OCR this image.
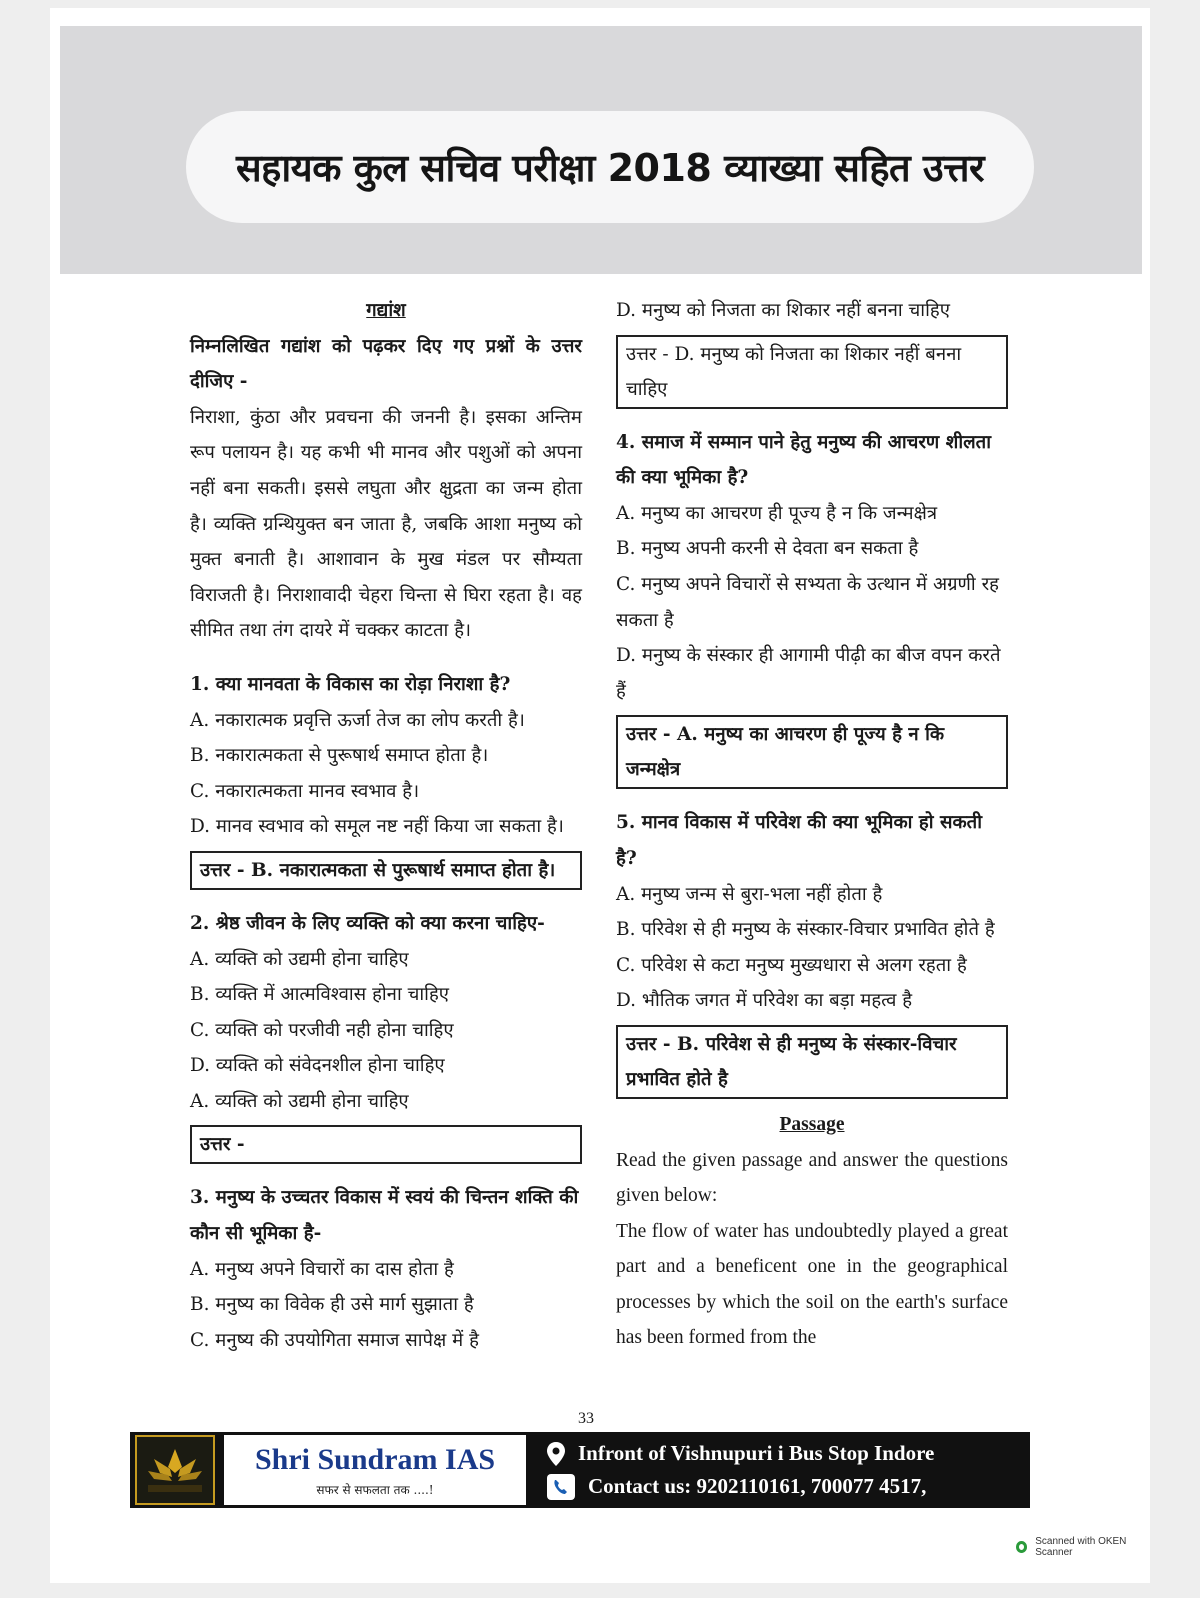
सहायक कुल सचिव परीक्षा 2018 व्याख्या सहित उत्तर

गद्यांश

निम्नलिखित गद्यांश को पढ़कर दिए गए प्रश्नों के उत्तर दीजिए -

निराशा, कुंठा और प्रवचना की जननी है। इसका अन्तिम रूप पलायन है। यह कभी भी मानव और पशुओं को अपना नहीं बना सकती। इससे लघुता और क्षुद्रता का जन्म होता है। व्यक्ति ग्रन्थियुक्त बन जाता है, जबकि आशा मनुष्य को मुक्त बनाती है। आशावान के मुख मंडल पर सौम्यता विराजती है। निराशावादी चेहरा चिन्ता से घिरा रहता है। वह सीमित तथा तंग दायरे में चक्कर काटता है।

1. क्या मानवता के विकास का रोड़ा निराशा है?

A. नकारात्मक प्रवृत्ति ऊर्जा तेज का लोप करती है।

B. नकारात्मकता से पुरूषार्थ समाप्त होता है।

C. नकारात्मकता मानव स्वभाव है।

D. मानव स्वभाव को समूल नष्ट नहीं किया जा सकता है।

उत्तर - B. नकारात्मकता से पुरूषार्थ समाप्त होता है।

2. श्रेष्ठ जीवन के लिए व्यक्ति को क्या करना चाहिए-

A. व्यक्ति को उद्यमी होना चाहिए

B. व्यक्ति में आत्मविश्वास होना चाहिए

C. व्यक्ति को परजीवी नही होना चाहिए

D. व्यक्ति को संवेदनशील होना चाहिए

A. व्यक्ति को उद्यमी होना चाहिए

उत्तर -

3. मनुष्य के उच्चतर विकास में स्वयं की चिन्तन शक्ति की कौन सी भूमिका है-

A. मनुष्य अपने विचारों का दास होता है

B. मनुष्य का विवेक ही उसे मार्ग सुझाता है

C. मनुष्य की उपयोगिता समाज सापेक्ष में है

D. मनुष्य को निजता का शिकार नहीं बनना चाहिए

उत्तर - D. मनुष्य को निजता का शिकार नहीं बनना चाहिए

4. समाज में सम्मान पाने हेतु मनुष्य की आचरण शीलता की क्या भूमिका है?

A. मनुष्य का आचरण ही पूज्य है न कि जन्मक्षेत्र

B. मनुष्य अपनी करनी से देवता बन सकता है

C. मनुष्य अपने विचारों से सभ्यता के उत्थान में अग्रणी रह सकता है

D. मनुष्य के संस्कार ही आगामी पीढ़ी का बीज वपन करते हैं

उत्तर - A. मनुष्य का आचरण ही पूज्य है न कि जन्मक्षेत्र

5. मानव विकास में परिवेश की क्या भूमिका हो सकती है?

A. मनुष्य जन्म से बुरा-भला नहीं होता है

B. परिवेश से ही मनुष्य के संस्कार-विचार प्रभावित होते है

C. परिवेश से कटा मनुष्य मुख्यधारा से अलग रहता है

D. भौतिक जगत में परिवेश का बड़ा महत्व है

उत्तर - B. परिवेश से ही मनुष्य के संस्कार-विचार प्रभावित होते है

Passage

Read the given passage and answer the questions given below:

The flow of water has undoubtedly played a great part and a beneficent one in the geographical processes by which the soil on the earth's surface has been formed from the

33
Shri Sundram IAS
सफर से सफलता तक ....!
Infront of Vishnupuri i Bus Stop Indore
Contact us: 9202110161, 700077 4517,
Scanned with OKEN Scanner
